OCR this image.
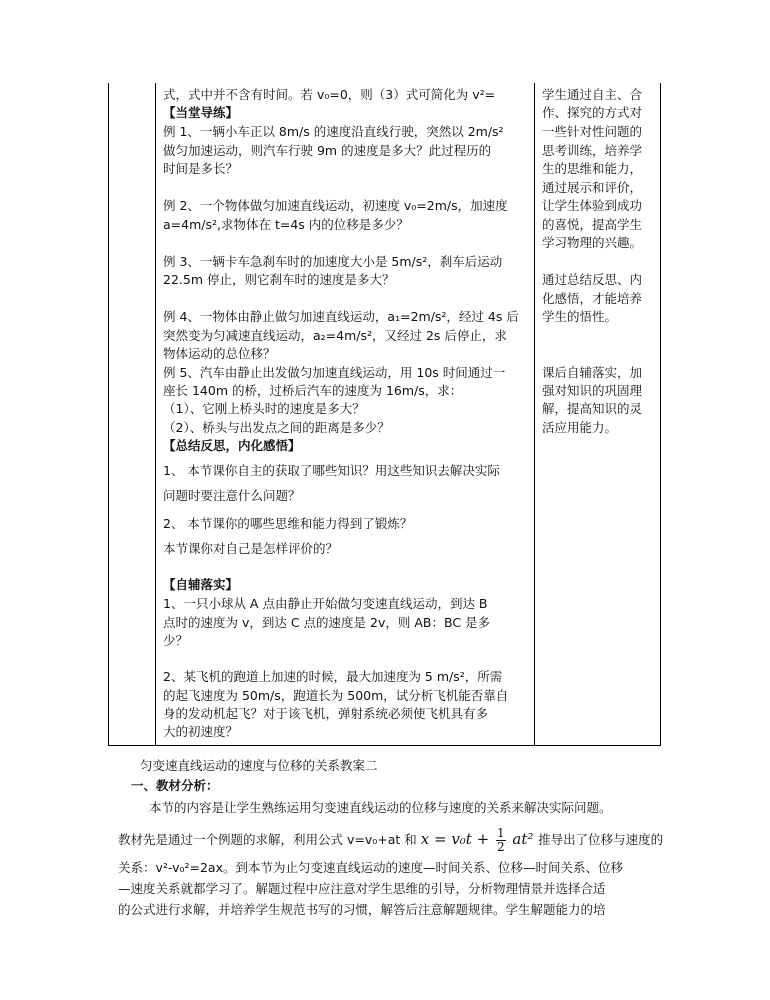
式，式中并不含有时间。若 v₀=0，则（3）式可简化为 v²=
【当堂导练】
例 1、一辆小车正以 8m/s 的速度沿直线行驶，突然以 2m/s²
做匀加速运动，则汽车行驶 9m 的速度是多大？此过程历的
时间是多长？
例 2、一个物体做匀加速直线运动，初速度 v₀=2m/s，加速度
a=4m/s²,求物体在 t=4s 内的位移是多少？
例 3、一辆卡车急刹车时的加速度大小是 5m/s²，刹车后运动
22.5m 停止，则它刹车时的速度是多大？
例 4、一物体由静止做匀加速直线运动，a₁=2m/s²，经过 4s 后
突然变为匀减速直线运动，a₂=4m/s²，又经过 2s 后停止，求
物体运动的总位移？
例 5、汽车由静止出发做匀加速直线运动，用 10s 时间通过一
座长 140m 的桥，过桥后汽车的速度为 16m/s，求：
（1）、它刚上桥头时的速度是多大？
（2）、桥头与出发点之间的距离是多少？
【总结反思，内化感悟】
1、 本节课你自主的获取了哪些知识？用这些知识去解决实际
问题时要注意什么问题？
2、 本节课你的哪些思维和能力得到了锻炼？
本节课你对自己是怎样评价的？
【自辅落实】
1、一只小球从 A 点由静止开始做匀变速直线运动，到达 B
点时的速度为 v，到达 C 点的速度是 2v，则 AB：BC 是多
少？
2、某飞机的跑道上加速的时候，最大加速度为 5 m/s²，所需
的起飞速度为 50m/s，跑道长为 500m，试分析飞机能否靠自
身的发动机起飞？对于该飞机，弹射系统必须使飞机具有多
大的初速度？
学生通过自主、合
作、探究的方式对
一些针对性问题的
思考训练，培养学
生的思维和能力，
通过展示和评价，
让学生体验到成功
的喜悦，提高学生
学习物理的兴趣。
通过总结反思、内
化感悟，才能培养
学生的悟性。
课后自辅落实，加
强对知识的巩固理
解，提高知识的灵
活应用能力。
匀变速直线运动的速度与位移的关系教案二
一、教材分析：
本节的内容是让学生熟练运用匀变速直线运动的位移与速度的关系来解决实际问题。
教材先是通过一个例题的求解，利用公式 v=v₀+at 和 $x = v_0t + \frac{1}{2} at^2$ 推导出了位移与速度的
关系：v²-v₀²=2ax。到本节为止匀变速直线运动的速度—时间关系、位移—时间关系、位移
—速度关系就都学习了。解题过程中应注意对学生思维的引导，分析物理情景并选择合适
的公式进行求解，并培养学生规范书写的习惯，解答后注意解题规律。学生解题能力的培
